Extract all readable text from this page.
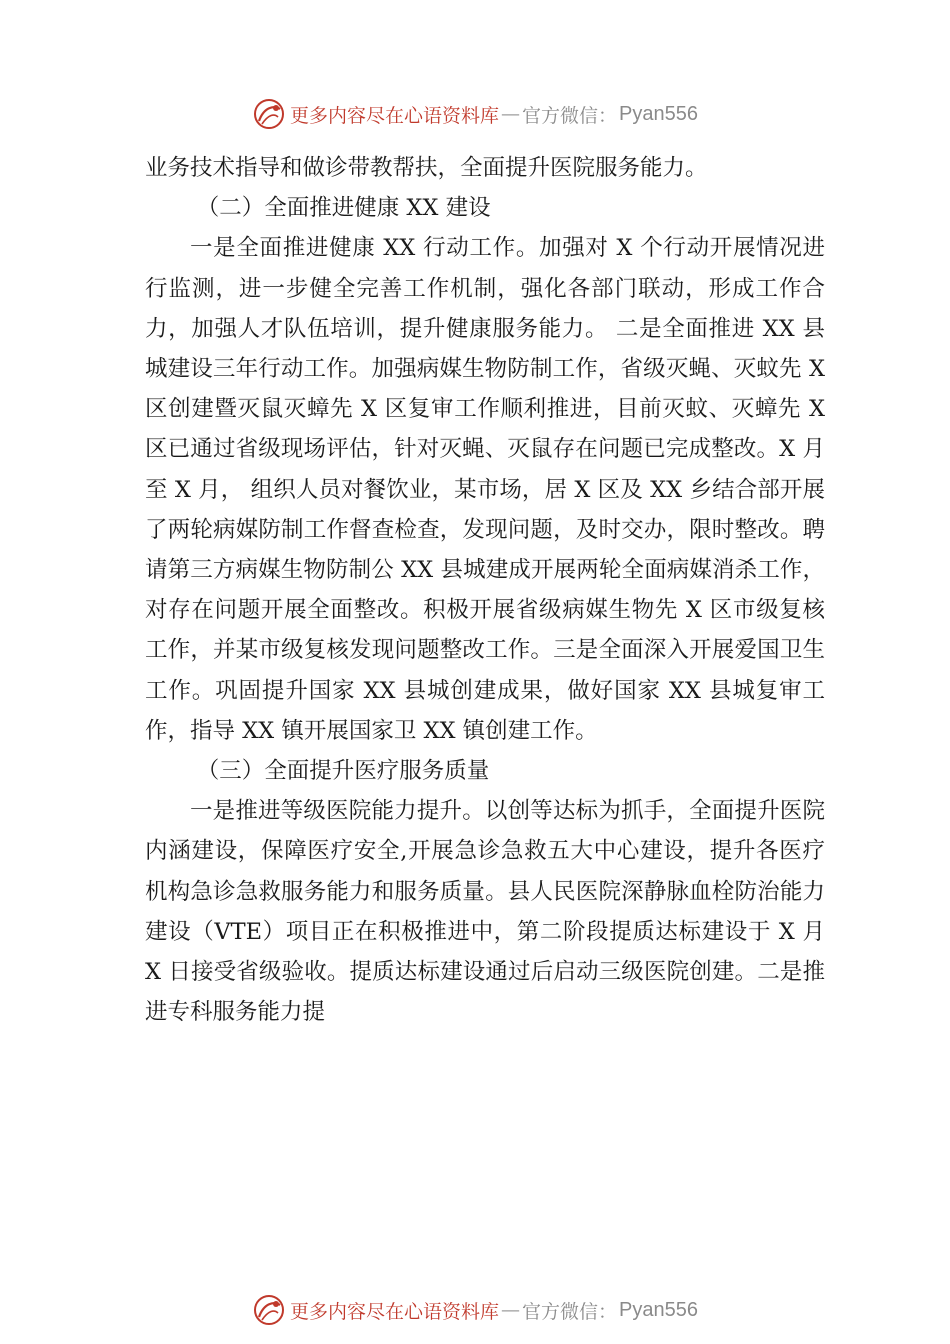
更多内容尽在心语资料库 — 官方微信： Pyan556

业务技术指导和做诊带教帮扶，全面提升医院服务能力。

（二）全面推进健康 XX 建设

一是全面推进健康 XX 行动工作。加强对 X 个行动开展情况进行监测，进一步健全完善工作机制，强化各部门联动，形成工作合力，加强人才队伍培训，提升健康服务能力。 二是全面推进 XX 县城建设三年行动工作。加强病媒生物防制工作，省级灭蝇、灭蚊先 X 区创建暨灭鼠灭蟑先 X 区复审工作顺利推进，目前灭蚊、灭蟑先 X 区已通过省级现场评估，针对灭蝇、灭鼠存在问题已完成整改。X 月至 X 月， 组织人员对餐饮业，某市场，居 X 区及 XX 乡结合部开展了两轮病媒防制工作督查检查，发现问题，及时交办，限时整改。聘请第三方病媒生物防制公 XX 县城建成开展两轮全面病媒消杀工作，对存在问题开展全面整改。积极开展省级病媒生物先 X 区市级复核工作，并某市级复核发现问题整改工作。三是全面深入开展爱国卫生工作。巩固提升国家 XX 县城创建成果，做好国家 XX 县城复审工作，指导 XX 镇开展国家卫 XX 镇创建工作。

（三）全面提升医疗服务质量

一是推进等级医院能力提升。以创等达标为抓手，全面提升医院内涵建设，保障医疗安全,开展急诊急救五大中心建设，提升各医疗机构急诊急救服务能力和服务质量。县人民医院深静脉血栓防治能力建设（VTE）项目正在积极推进中，第二阶段提质达标建设于 X 月 X 日接受省级验收。提质达标建设通过后启动三级医院创建。二是推进专科服务能力提

更多内容尽在心语资料库 — 官方微信： Pyan556
